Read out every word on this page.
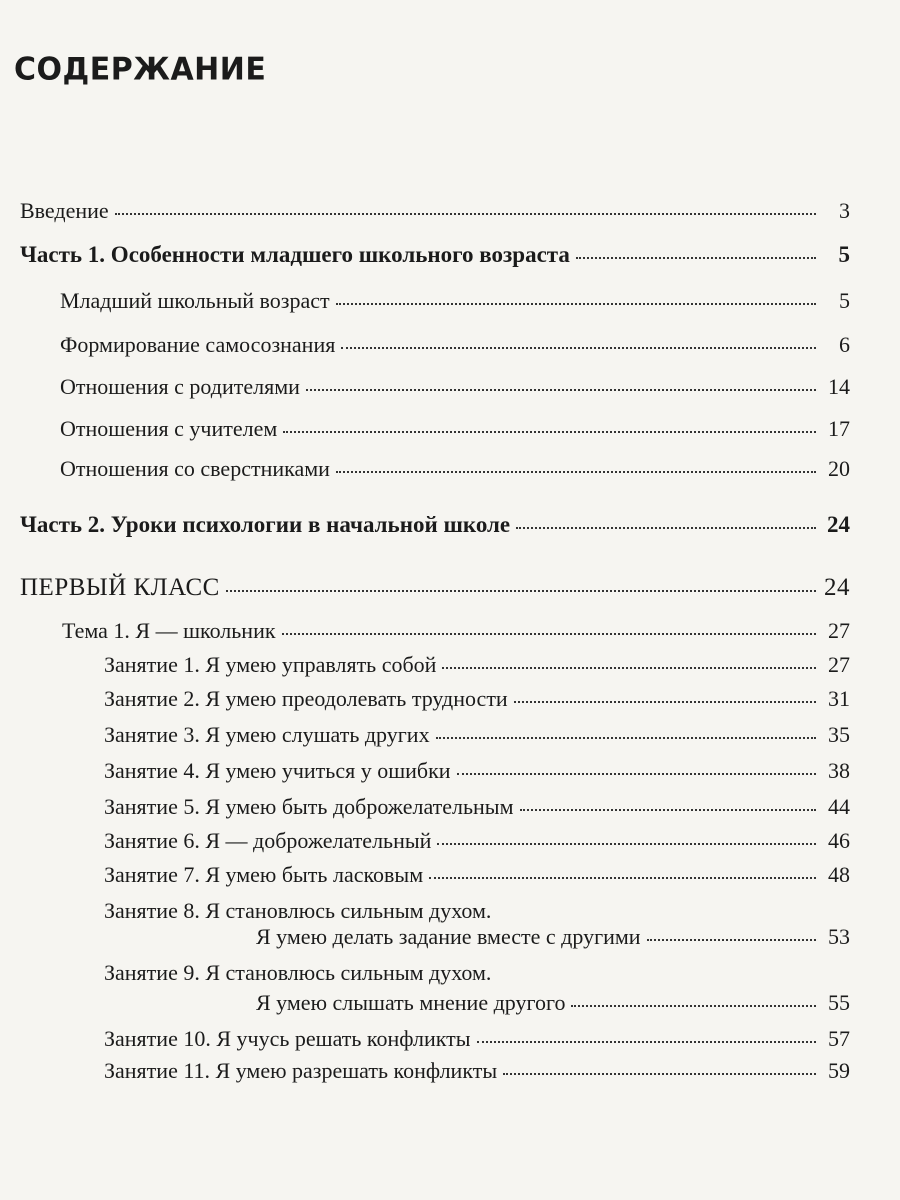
СОДЕРЖАНИЕ
Введение	3
Часть 1. Особенности младшего школьного возраста	5
Младший школьный возраст	5
Формирование самосознания	6
Отношения с родителями	14
Отношения с учителем	17
Отношения со сверстниками	20
Часть 2. Уроки психологии в начальной школе	24
ПЕРВЫЙ КЛАСС	24
Тема 1. Я — школьник	27
Занятие 1. Я умею управлять собой	27
Занятие 2. Я умею преодолевать трудности	31
Занятие 3. Я умею слушать других	35
Занятие 4. Я умею учиться у ошибки	38
Занятие 5. Я умею быть доброжелательным	44
Занятие 6. Я — доброжелательный	46
Занятие 7. Я умею быть ласковым	48
Занятие 8. Я становлюсь сильным духом.
Я умею делать задание вместе с другими	53
Занятие 9. Я становлюсь сильным духом.
Я умею слышать мнение другого	55
Занятие 10. Я учусь решать конфликты	57
Занятие 11. Я умею разрешать конфликты	59
